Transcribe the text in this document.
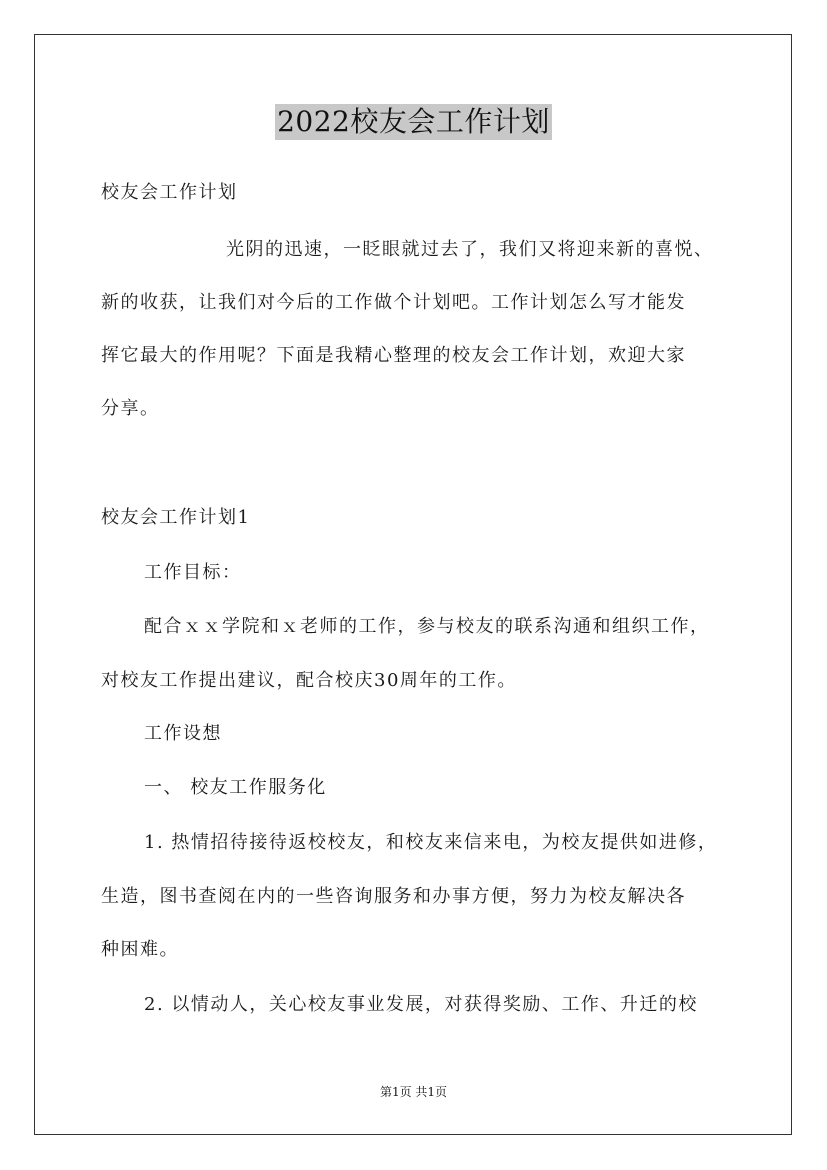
2022校友会工作计划
校友会工作计划
光阴的迅速，一眨眼就过去了，我们又将迎来新的喜悦、
新的收获，让我们对今后的工作做个计划吧。工作计划怎么写才能发
挥它最大的作用呢？下面是我精心整理的校友会工作计划，欢迎大家
分享。
校友会工作计划1
工作目标：
配合ｘｘ学院和ｘ老师的工作，参与校友的联系沟通和组织工作，
对校友工作提出建议，配合校庆30周年的工作。
工作设想
一、 校友工作服务化
1. 热情招待接待返校校友，和校友来信来电，为校友提供如进修，
生造，图书查阅在内的一些咨询服务和办事方便，努力为校友解决各
种困难。
2. 以情动人，关心校友事业发展，对获得奖励、工作、升迁的校
第1页 共1页
